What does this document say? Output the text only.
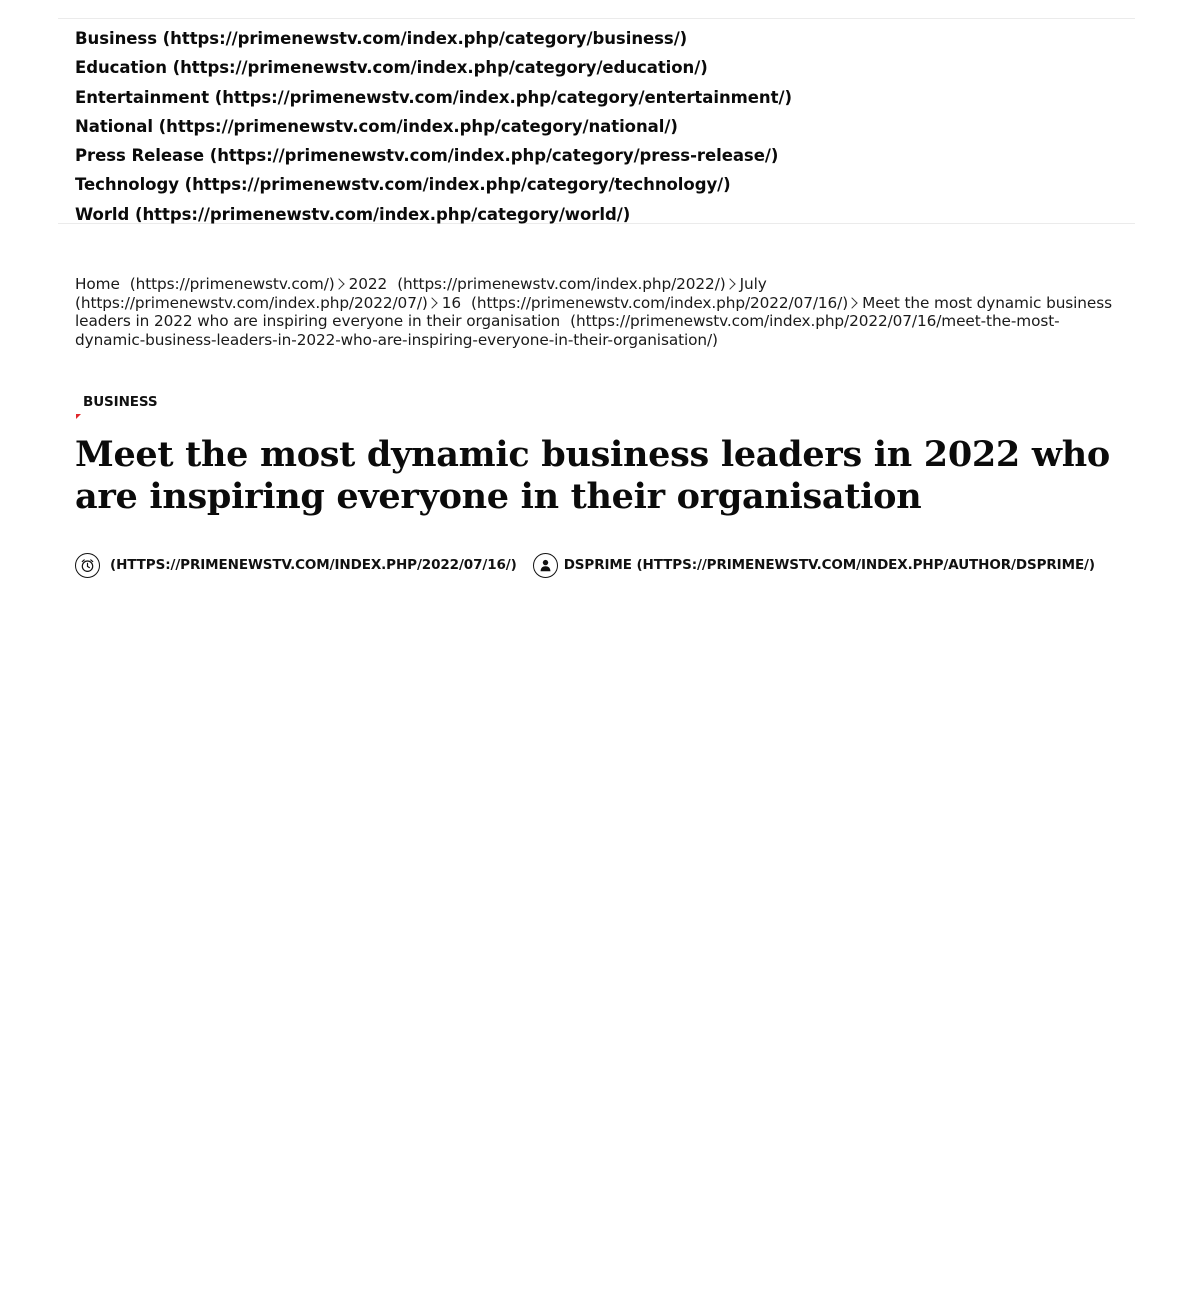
Business (https://primenewstv.com/index.php/category/business/)
Education (https://primenewstv.com/index.php/category/education/)
Entertainment (https://primenewstv.com/index.php/category/entertainment/)
National (https://primenewstv.com/index.php/category/national/)
Press Release (https://primenewstv.com/index.php/category/press-release/)
Technology (https://primenewstv.com/index.php/category/technology/)
World (https://primenewstv.com/index.php/category/world/)
Home (https://primenewstv.com/) 2022 (https://primenewstv.com/index.php/2022/) July (https://primenewstv.com/index.php/2022/07/) 16 (https://primenewstv.com/index.php/2022/07/16/) Meet the most dynamic business leaders in 2022 who are inspiring everyone in their organisation (https://primenewstv.com/index.php/2022/07/16/meet-the-most-dynamic-business-leaders-in-2022-who-are-inspiring-everyone-in-their-organisation/)
BUSINESS
Meet the most dynamic business leaders in 2022 who are inspiring everyone in their organisation
(HTTPS://PRIMENEWSTV.COM/INDEX.PHP/2022/07/16/)	DSPRIME (HTTPS://PRIMENEWSTV.COM/INDEX.PHP/AUTHOR/DSPRIME/)
